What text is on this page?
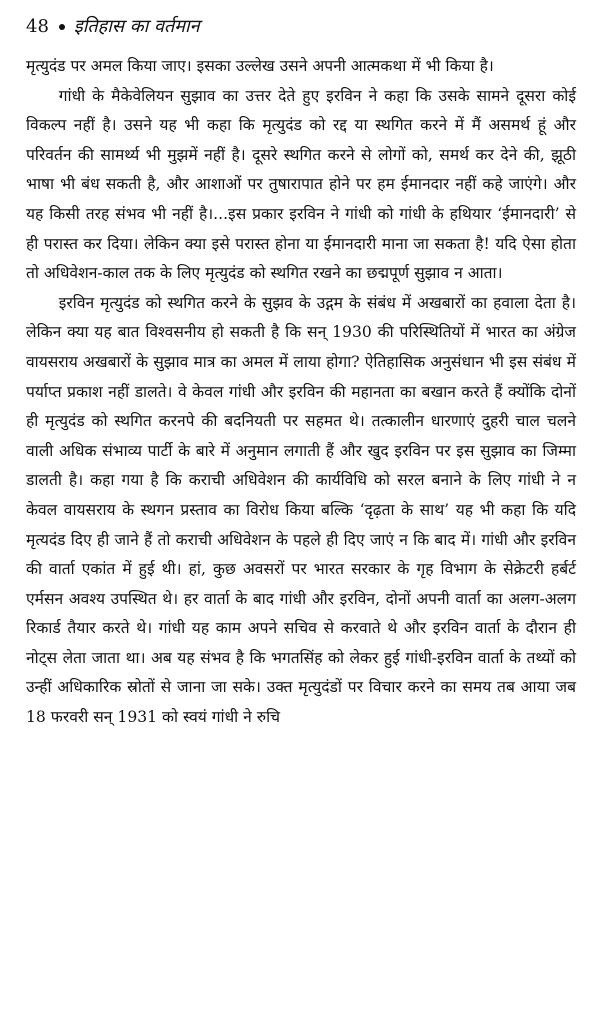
48 इतिहास का वर्तमान

मृत्युदंड पर अमल किया जाए। इसका उल्लेख उसने अपनी आत्मकथा में भी किया है।

गांधी के मैकेवेलियन सुझाव का उत्तर देते हुए इरविन ने कहा कि उसके सामने दूसरा कोई विकल्प नहीं है। उसने यह भी कहा कि मृत्युदंड को रद्द या स्थगित करने में मैं असमर्थ हूं और परिवर्तन की सामर्थ्य भी मुझमें नहीं है। दूसरे स्थगित करने से लोगों को, समर्थ कर देने की, झूठी भाषा भी बंध सकती है, और आशाओं पर तुषारापात होने पर हम ईमानदार नहीं कहे जाएंगे। और यह किसी तरह संभव भी नहीं है।...इस प्रकार इरविन ने गांधी को गांधी के हथियार ‘ईमानदारी’ से ही परास्त कर दिया। लेकिन क्या इसे परास्त होना या ईमानदारी माना जा सकता है! यदि ऐसा होता तो अधिवेशन-काल तक के लिए मृत्युदंड को स्थगित रखने का छद्मपूर्ण सुझाव न आता।

इरविन मृत्युदंड को स्थगित करने के सुझव के उद्गम के संबंध में अखबारों का हवाला देता है। लेकिन क्या यह बात विश्वसनीय हो सकती है कि सन् 1930 की परिस्थितियों में भारत का अंग्रेज वायसराय अखबारों के सुझाव मात्र का अमल में लाया होगा? ऐतिहासिक अनुसंधान भी इस संबंध में पर्याप्त प्रकाश नहीं डालते। वे केवल गांधी और इरविन की महानता का बखान करते हैं क्योंकि दोनों ही मृत्युदंड को स्थगित करनपे की बदनियती पर सहमत थे। तत्कालीन धारणाएं दुहरी चाल चलने वाली अधिक संभाव्य पार्टी के बारे में अनुमान लगाती हैं और खुद इरविन पर इस सुझाव का जिम्मा डालती है। कहा गया है कि कराची अधिवेशन की कार्यविधि को सरल बनाने के लिए गांधी ने न केवल वायसराय के स्थगन प्रस्ताव का विरोध किया बल्कि ‘दृढ़ता के साथ’ यह भी कहा कि यदि मृत्यदंड दिए ही जाने हैं तो कराची अधिवेशन के पहले ही दिए जाएं न कि बाद में। गांधी और इरविन की वार्ता एकांत में हुई थी। हां, कुछ अवसरों पर भारत सरकार के गृह विभाग के सेक्रेटरी हर्बर्ट एर्मसन अवश्य उपस्थित थे। हर वार्ता के बाद गांधी और इरविन, दोनों अपनी वार्ता का अलग-अलग रिकार्ड तैयार करते थे। गांधी यह काम अपने सचिव से करवाते थे और इरविन वार्ता के दौरान ही नोट्स लेता जाता था। अब यह संभव है कि भगतसिंह को लेकर हुई गांधी-इरविन वार्ता के तथ्यों को उन्हीं अधिकारिक स्रोतों से जाना जा सके। उक्त मृत्युदंडों पर विचार करने का समय तब आया जब 18 फरवरी सन् 1931 को स्वयं गांधी ने रुचि
